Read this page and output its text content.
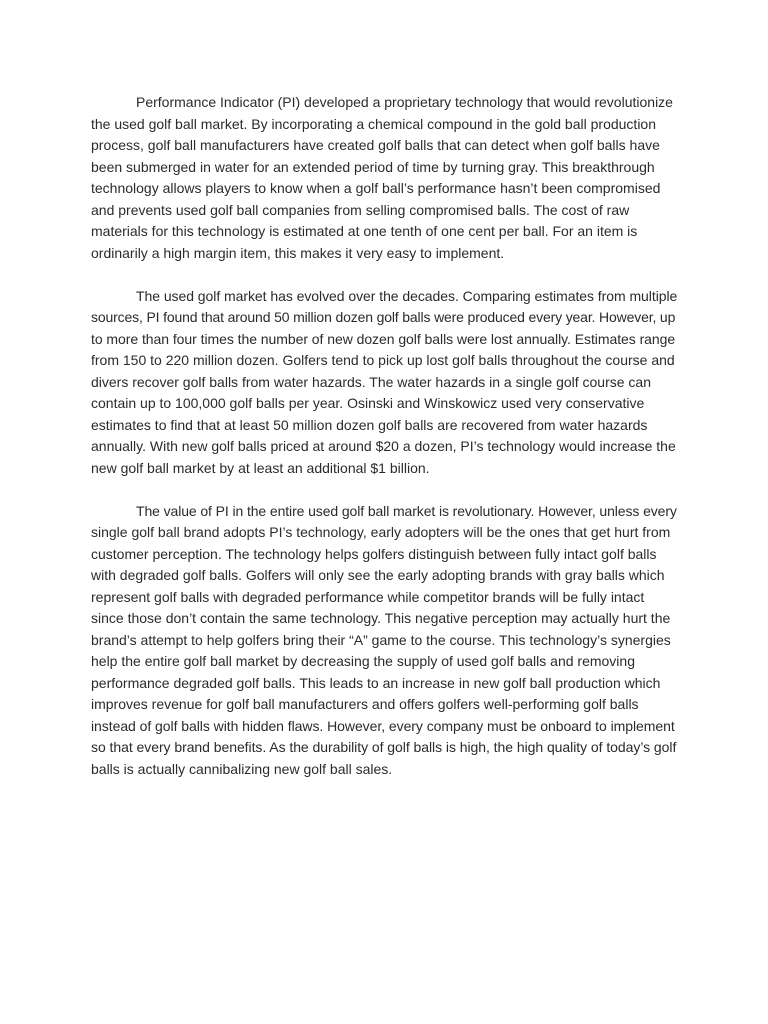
Performance Indicator (PI) developed a proprietary technology that would revolutionize
the used golf ball market. By incorporating a chemical compound in the gold ball production
process, golf ball manufacturers have created golf balls that can detect when golf balls have
been submerged in water for an extended period of time by turning gray. This breakthrough
technology allows players to know when a golf ball’s performance hasn’t been compromised
and prevents used golf ball companies from selling compromised balls. The cost of raw
materials for this technology is estimated at one tenth of one cent per ball. For an item is
ordinarily a high margin item, this makes it very easy to implement.

The used golf market has evolved over the decades. Comparing estimates from multiple
sources, PI found that around 50 million dozen golf balls were produced every year. However, up
to more than four times the number of new dozen golf balls were lost annually. Estimates range
from 150 to 220 million dozen. Golfers tend to pick up lost golf balls throughout the course and
divers recover golf balls from water hazards. The water hazards in a single golf course can
contain up to 100,000 golf balls per year. Osinski and Winskowicz used very conservative
estimates to find that at least 50 million dozen golf balls are recovered from water hazards
annually. With new golf balls priced at around $20 a dozen, PI’s technology would increase the
new golf ball market by at least an additional $1 billion.

The value of PI in the entire used golf ball market is revolutionary. However, unless every
single golf ball brand adopts PI’s technology, early adopters will be the ones that get hurt from
customer perception. The technology helps golfers distinguish between fully intact golf balls
with degraded golf balls. Golfers will only see the early adopting brands with gray balls which
represent golf balls with degraded performance while competitor brands will be fully intact
since those don’t contain the same technology. This negative perception may actually hurt the
brand’s attempt to help golfers bring their “A” game to the course. This technology’s synergies
help the entire golf ball market by decreasing the supply of used golf balls and removing
performance degraded golf balls. This leads to an increase in new golf ball production which
improves revenue for golf ball manufacturers and offers golfers well-performing golf balls
instead of golf balls with hidden flaws. However, every company must be onboard to implement
so that every brand benefits. As the durability of golf balls is high, the high quality of today’s golf
balls is actually cannibalizing new golf ball sales.
